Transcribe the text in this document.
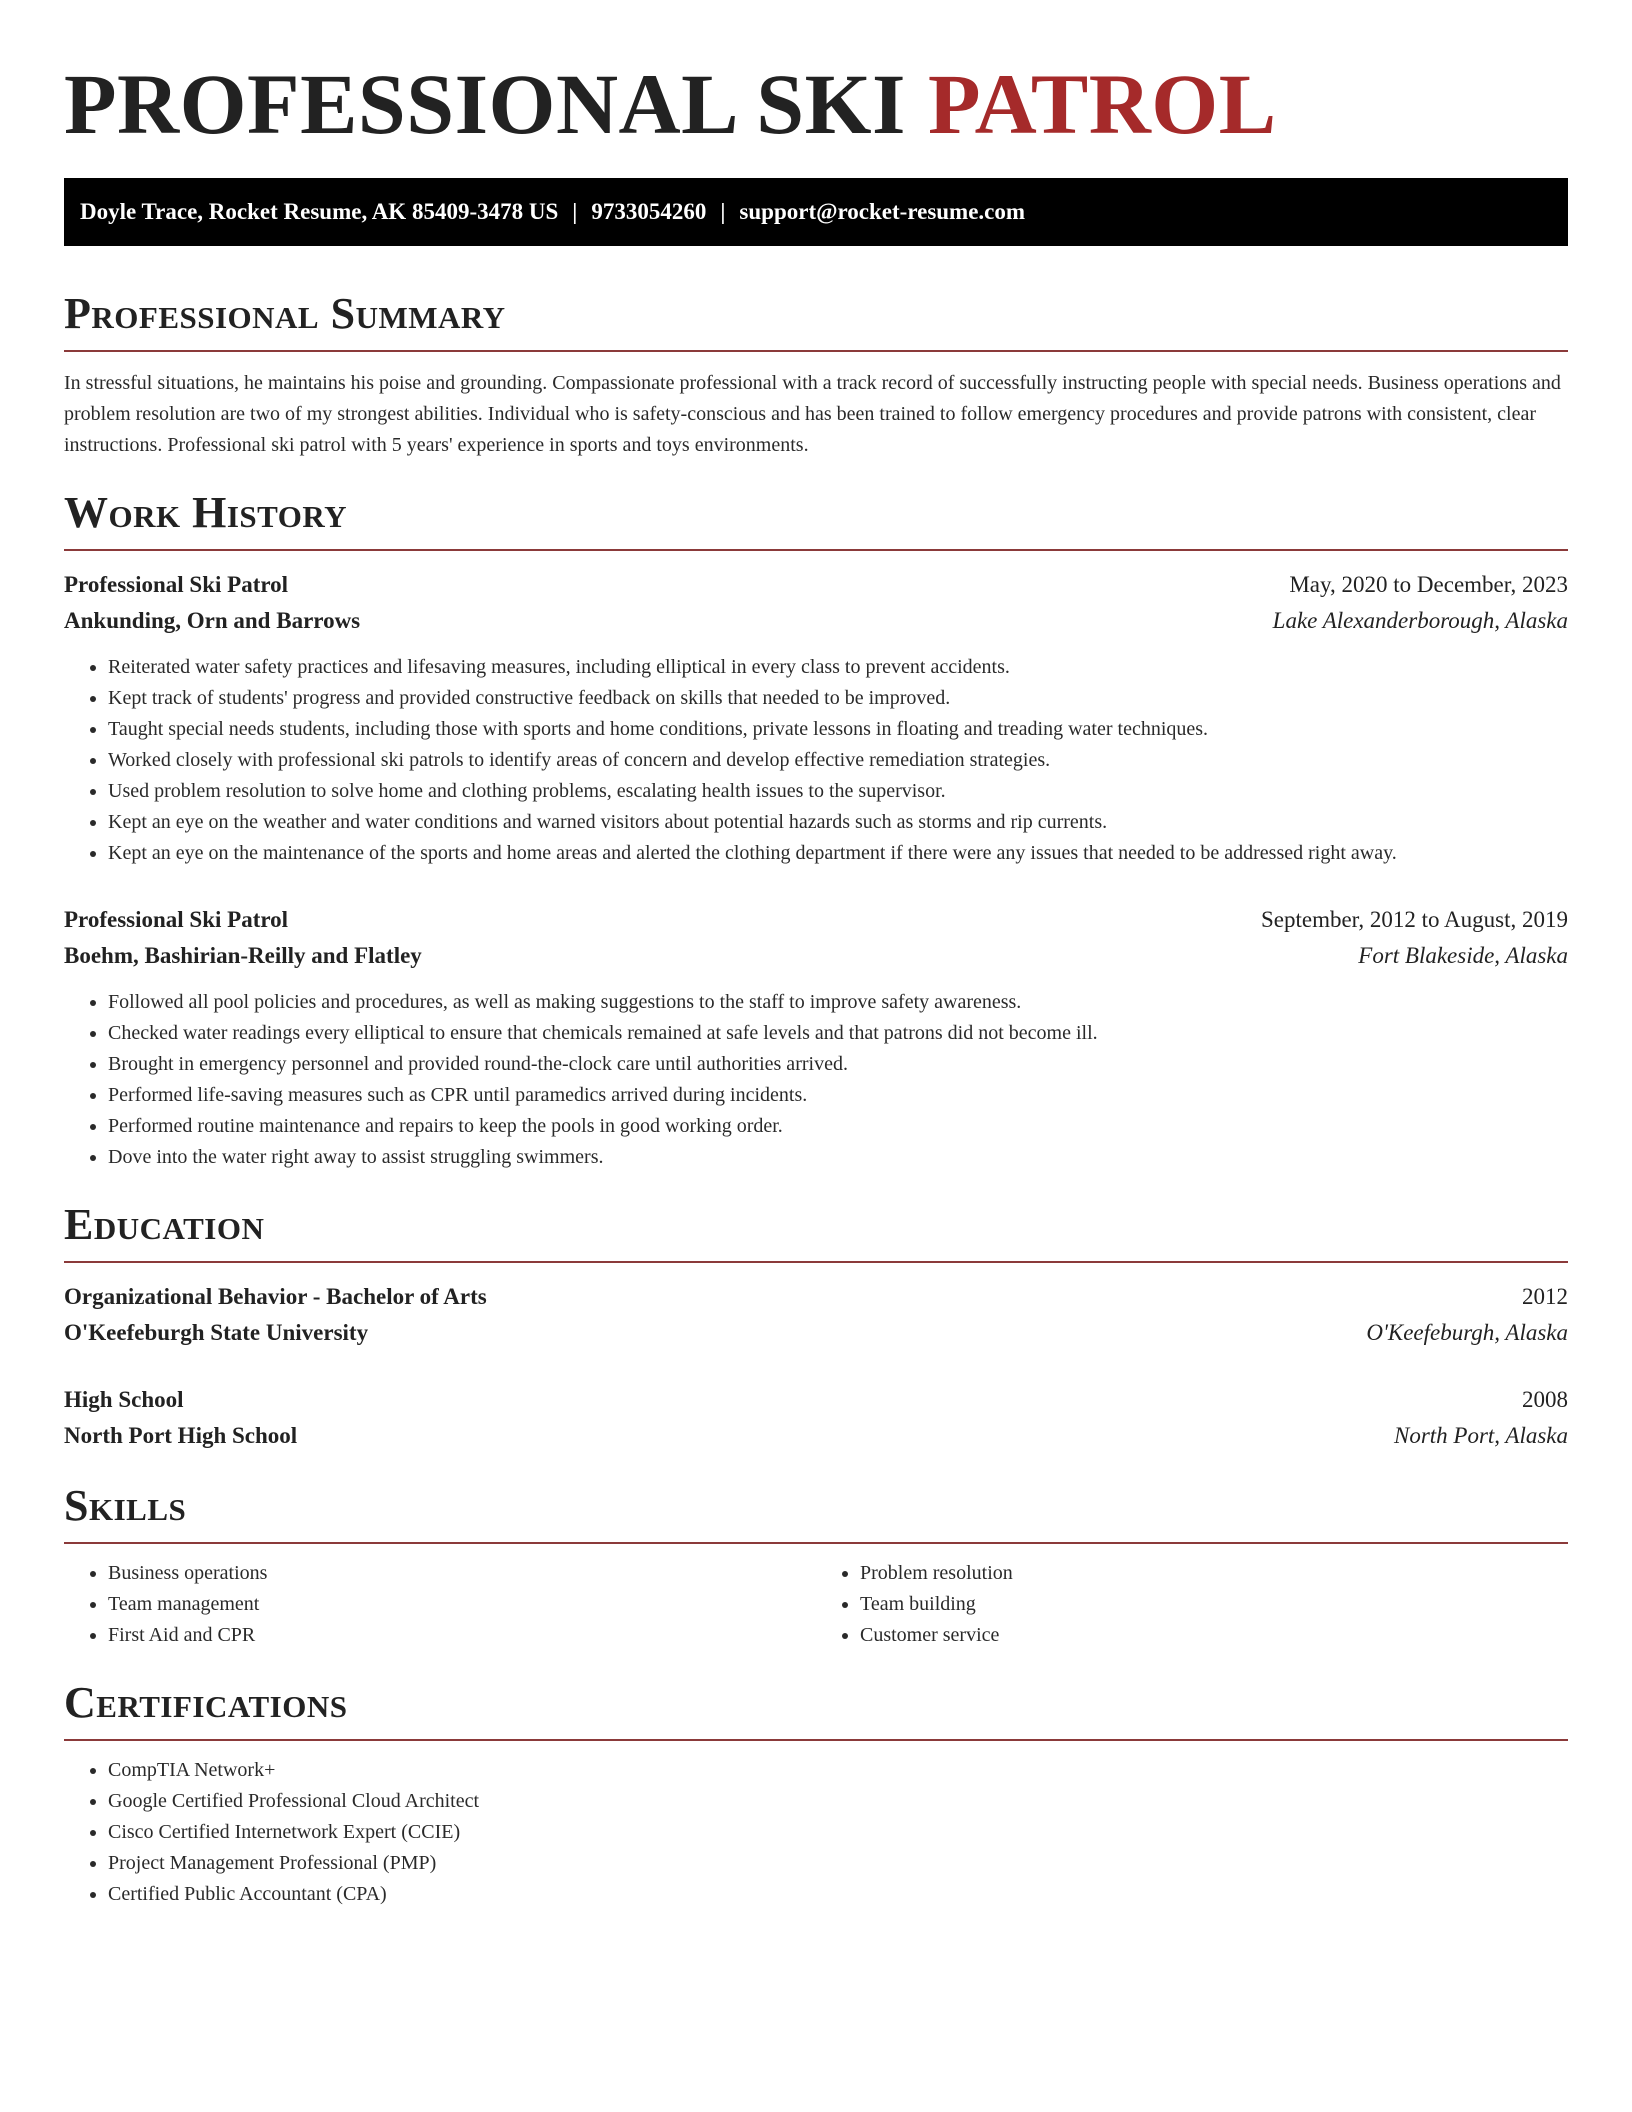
PROFESSIONAL SKI PATROL
Doyle Trace, Rocket Resume, AK 85409-3478 US | 9733054260 | support@rocket-resume.com
Professional Summary

In stressful situations, he maintains his poise and grounding. Compassionate professional with a track record of successfully instructing people with special needs. Business operations and problem resolution are two of my strongest abilities. Individual who is safety-conscious and has been trained to follow emergency procedures and provide patrons with consistent, clear instructions. Professional ski patrol with 5 years' experience in sports and toys environments.

Work History
Professional Ski Patrol	May, 2020 to December, 2023
Ankunding, Orn and Barrows	Lake Alexanderborough, Alaska
• Reiterated water safety practices and lifesaving measures, including elliptical in every class to prevent accidents.
• Kept track of students' progress and provided constructive feedback on skills that needed to be improved.
• Taught special needs students, including those with sports and home conditions, private lessons in floating and treading water techniques.
• Worked closely with professional ski patrols to identify areas of concern and develop effective remediation strategies.
• Used problem resolution to solve home and clothing problems, escalating health issues to the supervisor.
• Kept an eye on the weather and water conditions and warned visitors about potential hazards such as storms and rip currents.
• Kept an eye on the maintenance of the sports and home areas and alerted the clothing department if there were any issues that needed to be addressed right away.
Professional Ski Patrol	September, 2012 to August, 2019
Boehm, Bashirian-Reilly and Flatley	Fort Blakeside, Alaska
• Followed all pool policies and procedures, as well as making suggestions to the staff to improve safety awareness.
• Checked water readings every elliptical to ensure that chemicals remained at safe levels and that patrons did not become ill.
• Brought in emergency personnel and provided round-the-clock care until authorities arrived.
• Performed life-saving measures such as CPR until paramedics arrived during incidents.
• Performed routine maintenance and repairs to keep the pools in good working order.
• Dove into the water right away to assist struggling swimmers.
Education
Organizational Behavior - Bachelor of Arts	2012
O'Keefeburgh State University	O'Keefeburgh, Alaska
High School	2008
North Port High School	North Port, Alaska
Skills
• Business operations
• Team management
• First Aid and CPR
• Problem resolution
• Team building
• Customer service
Certifications
• CompTIA Network+
• Google Certified Professional Cloud Architect
• Cisco Certified Internetwork Expert (CCIE)
• Project Management Professional (PMP)
• Certified Public Accountant (CPA)
